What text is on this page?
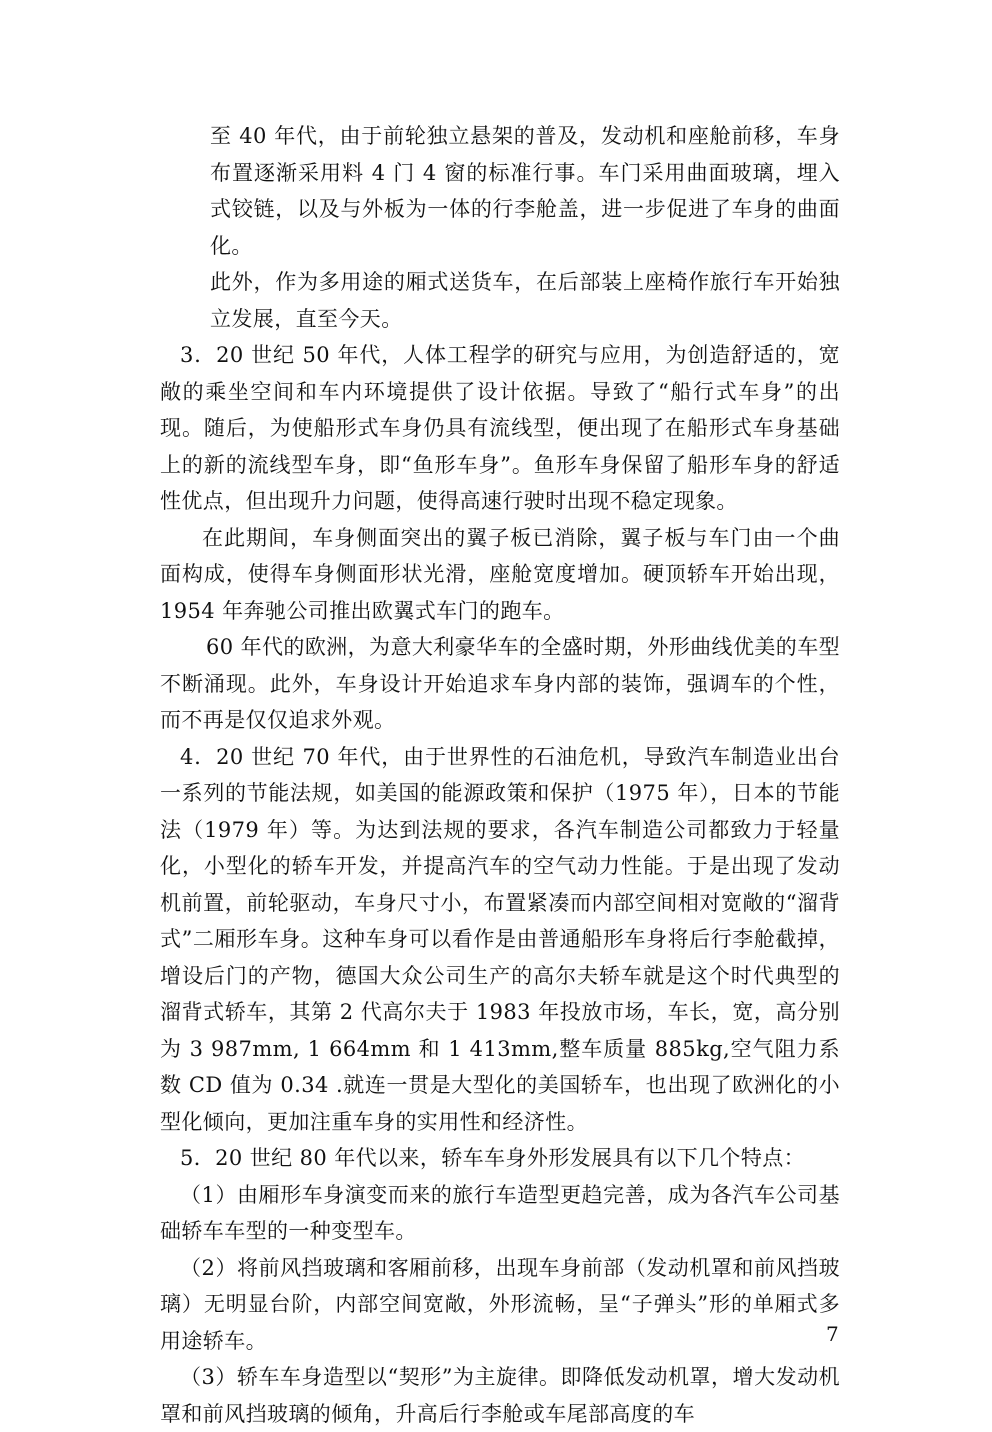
至 40 年代，由于前轮独立悬架的普及，发动机和座舱前移，车身布置逐渐采用料 4 门 4 窗的标准行事。车门采用曲面玻璃，埋入式铰链，以及与外板为一体的行李舱盖，进一步促进了车身的曲面化。

此外，作为多用途的厢式送货车，在后部装上座椅作旅行车开始独立发展，直至今天。

3．20 世纪 50 年代，人体工程学的研究与应用，为创造舒适的，宽敞的乘坐空间和车内环境提供了设计依据。导致了“船行式车身”的出现。随后，为使船形式车身仍具有流线型，便出现了在船形式车身基础上的新的流线型车身，即“鱼形车身”。鱼形车身保留了船形车身的舒适性优点，但出现升力问题，使得高速行驶时出现不稳定现象。

在此期间，车身侧面突出的翼子板已消除，翼子板与车门由一个曲面构成，使得车身侧面形状光滑，座舱宽度增加。硬顶轿车开始出现，1954 年奔驰公司推出欧翼式车门的跑车。

60 年代的欧洲，为意大利豪华车的全盛时期，外形曲线优美的车型不断涌现。此外，车身设计开始追求车身内部的装饰，强调车的个性，而不再是仅仅追求外观。

4．20 世纪 70 年代，由于世界性的石油危机，导致汽车制造业出台一系列的节能法规，如美国的能源政策和保护（1975 年），日本的节能法（1979 年）等。为达到法规的要求，各汽车制造公司都致力于轻量化，小型化的轿车开发，并提高汽车的空气动力性能。于是出现了发动机前置，前轮驱动，车身尺寸小，布置紧凑而内部空间相对宽敞的“溜背式”二厢形车身。这种车身可以看作是由普通船形车身将后行李舱截掉，增设后门的产物，德国大众公司生产的高尔夫轿车就是这个时代典型的溜背式轿车，其第 2 代高尔夫于 1983 年投放市场，车长，宽，高分别为 3 987mm, 1 664mm 和 1 413mm,整车质量 885kg,空气阻力系数 CD 值为 0.34 .就连一贯是大型化的美国轿车，也出现了欧洲化的小型化倾向，更加注重车身的实用性和经济性。

5．20 世纪 80 年代以来，轿车车身外形发展具有以下几个特点：

（1）由厢形车身演变而来的旅行车造型更趋完善，成为各汽车公司基础轿车车型的一种变型车。

（2）将前风挡玻璃和客厢前移，出现车身前部（发动机罩和前风挡玻璃）无明显台阶，内部空间宽敞，外形流畅，呈“子弹头”形的单厢式多用途轿车。

（3）轿车车身造型以“契形”为主旋律。即降低发动机罩，增大发动机罩和前风挡玻璃的倾角，升高后行李舱或车尾部高度的车

7
